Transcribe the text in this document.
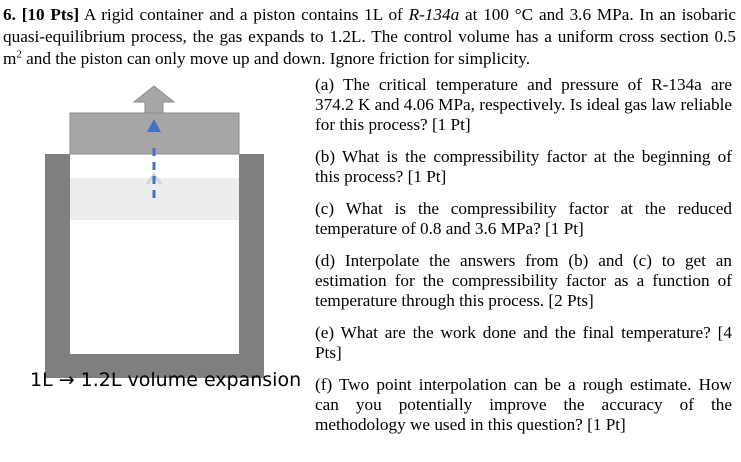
6. [10 Pts] A rigid container and a piston contains 1L of R-134a at 100 °C and 3.6 MPa. In an isobaric quasi-equilibrium process, the gas expands to 1.2L. The control volume has a uniform cross section 0.5 $m^2$ and the piston can only move up and down. Ignore friction for simplicity.
1L → 1.2L volume expansion

(a) The critical temperature and pressure of R-134a are 374.2 K and 4.06 MPa, respectively. Is ideal gas law reliable for this process? [1 Pt]

(b) What is the compressibility factor at the beginning of this process? [1 Pt]

(c) What is the compressibility factor at the reduced temperature of 0.8 and 3.6 MPa? [1 Pt]

(d) Interpolate the answers from (b) and (c) to get an estimation for the compressibility factor as a function of temperature through this process. [2 Pts]

(e) What are the work done and the final temperature? [4 Pts]

(f) Two point interpolation can be a rough estimate. How can you potentially improve the accuracy of the methodology we used in this question? [1 Pt]
